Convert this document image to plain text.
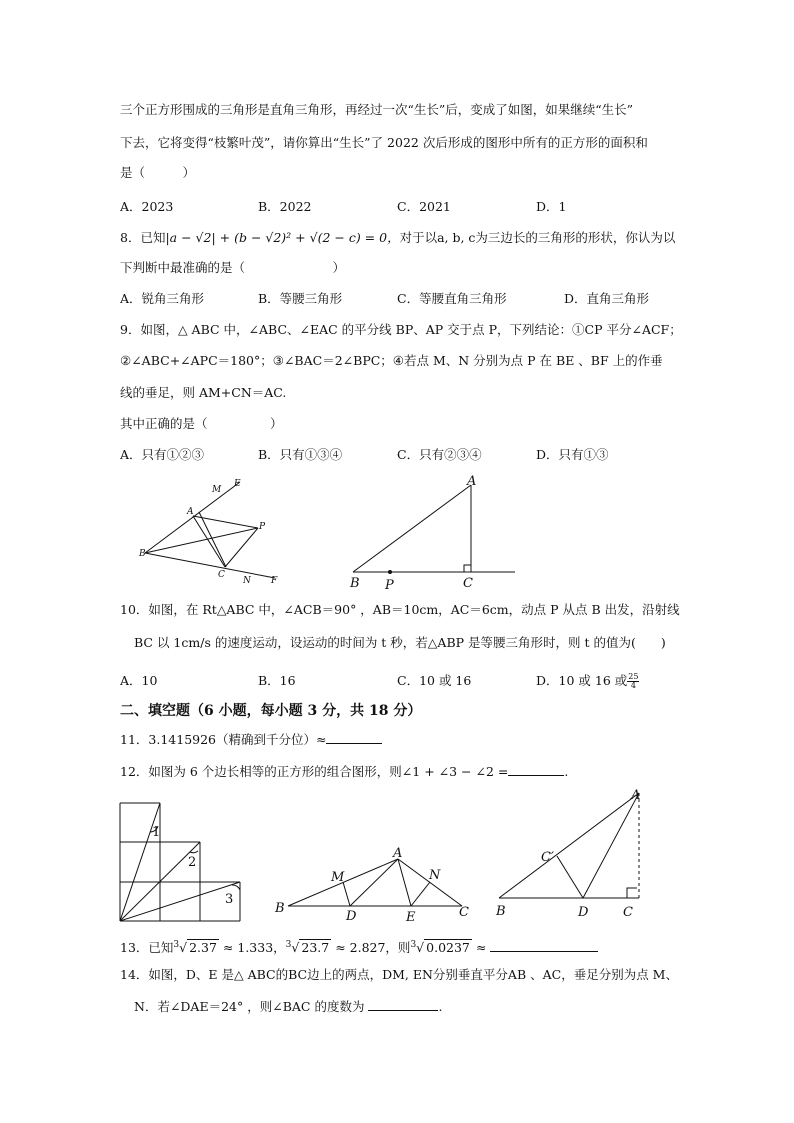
三个正方形围成的三角形是直角三角形，再经过一次“生长”后，变成了如图，如果继续“生长”
下去，它将变得“枝繁叶茂”，请你算出“生长”了 2022 次后形成的图形中所有的正方形的面积和
是（　　　）
A．2023	B．2022	C．2021	D．1
8．已知|a − √2| + (b − √2)² + √(2 − c) = 0，对于以a, b, c为三边长的三角形的形状，你认为以
下判断中最准确的是（　　　　　　　）
A．锐角三角形	B．等腰三角形	C．等腰直角三角形	D．直角三角形
9．如图，△ ABC 中，∠ABC、∠EAC 的平分线 BP、AP 交于点 P，下列结论：①CP 平分∠ACF；
②∠ABC+∠APC＝180°；③∠BAC＝2∠BPC；④若点 M、N 分别为点 P 在 BE 、BF 上的作垂
线的垂足，则 AM+CN＝AC.
其中正确的是（　　　　　）
A．只有①②③	B．只有①③④	C．只有②③④	D．只有①③
M
E
A
P
B
C
N F
A
B P	C
10．如图，在 Rt△ABC 中，∠ACB＝90° ，AB＝10cm，AC＝6cm，动点 P 从点 B 出发，沿射线
BC 以 1cm/s 的速度运动，设运动的时间为 t 秒，若△ABP 是等腰三角形时，则 t 的值为(　　)
A．10	B．16	C．10 或 16	D．10 或 16 或 $\frac{25}{4}$
二、填空题（6 小题，每小题 3 分，共 18 分）
11．3.1415926（精确到千分位）≈
12．如图为 6 个边长相等的正方形的组合图形，则∠1 + ∠3 − ∠2 =	.
1
2
3
A
M	N
B
D	E	C
A
C′
B	D	C
13．已知$^3$√ 2.37 ≈ 1.333，$^3$√ 23.7 ≈ 2.827，则$^3$√ 0.0237 ≈
14．如图，D、E 是△ ABC的BC边上的两点，DM, EN分别垂直平分AB 、AC，垂足分别为点 M、
N．若∠DAE＝24° ，则∠BAC 的度数为	.
